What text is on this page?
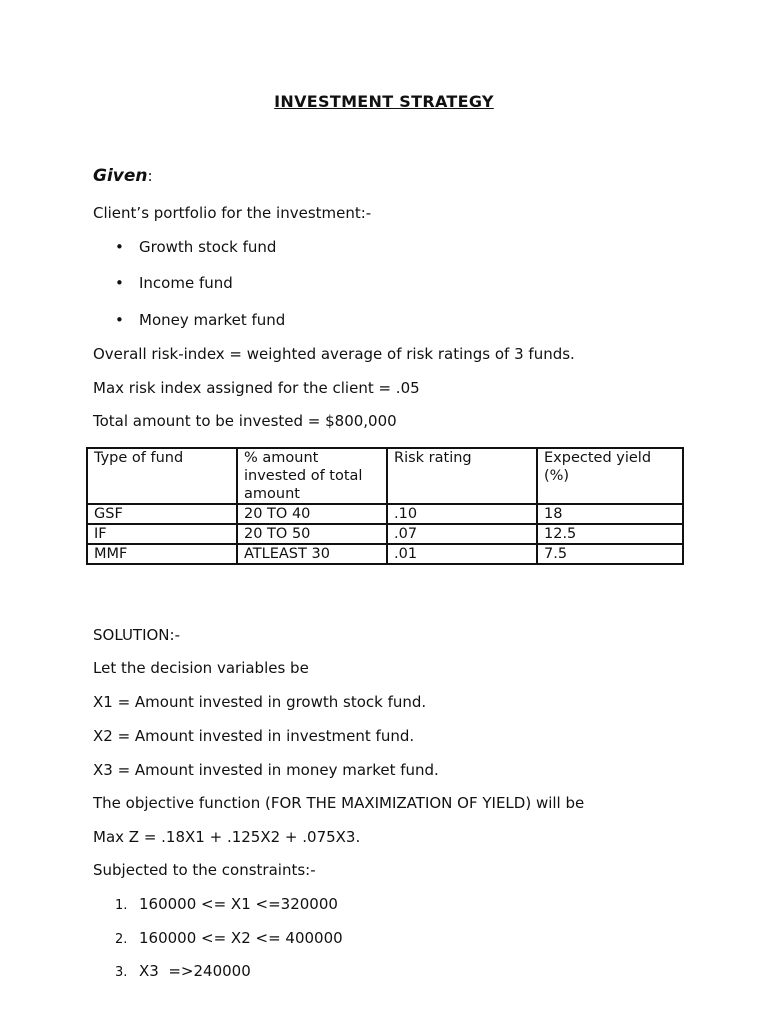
INVESTMENT STRATEGY
Given:
Client’s portfolio for the investment:-
• Growth stock fund
• Income fund
• Money market fund
Overall risk-index = weighted average of risk ratings of 3 funds.
Max risk index assigned for the client = .05
Total amount to be invested = $800,000
Type of fund	% amount invested of total amount	Risk rating	Expected yield (%)
GSF	20 TO 40	.10	18
IF	20 TO 50	.07	12.5
MMF	ATLEAST 30	.01	7.5
SOLUTION:-
Let the decision variables be
X1 = Amount invested in growth stock fund.
X2 = Amount invested in investment fund.
X3 = Amount invested in money market fund.
The objective function (FOR THE MAXIMIZATION OF YIELD) will be
Max Z = .18X1 + .125X2 + .075X3.
Subjected to the constraints:-
1. 160000 <= X1 <=320000
2. 160000 <= X2 <= 400000
3. X3  =>240000
